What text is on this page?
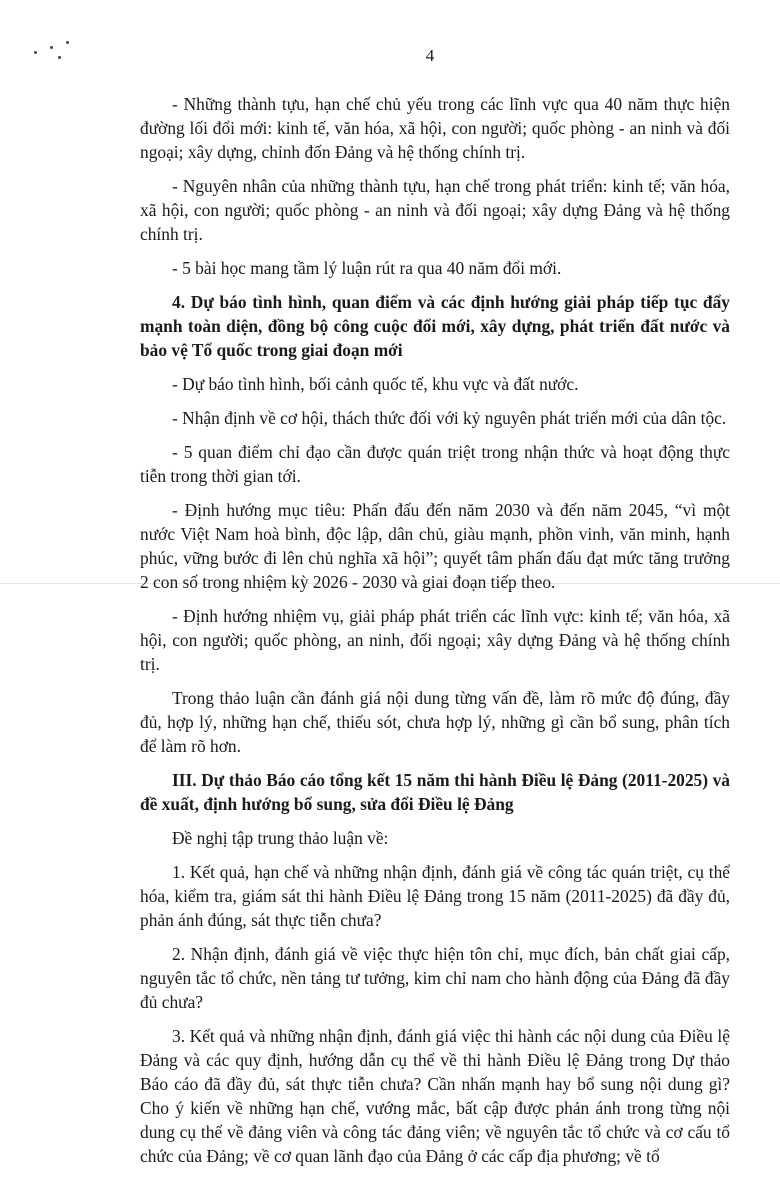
4

- Những thành tựu, hạn chế chủ yếu trong các lĩnh vực qua 40 năm thực hiện đường lối đổi mới: kinh tế, văn hóa, xã hội, con người; quốc phòng - an ninh và đối ngoại; xây dựng, chỉnh đốn Đảng và hệ thống chính trị.

- Nguyên nhân của những thành tựu, hạn chế trong phát triển: kinh tế; văn hóa, xã hội, con người; quốc phòng - an ninh và đối ngoại; xây dựng Đảng và hệ thống chính trị.

- 5 bài học mang tầm lý luận rút ra qua 40 năm đổi mới.

4. Dự báo tình hình, quan điểm và các định hướng giải pháp tiếp tục đẩy mạnh toàn diện, đồng bộ công cuộc đổi mới, xây dựng, phát triển đất nước và bảo vệ Tổ quốc trong giai đoạn mới

- Dự báo tình hình, bối cảnh quốc tế, khu vực và đất nước.

- Nhận định về cơ hội, thách thức đối với kỷ nguyên phát triển mới của dân tộc.

- 5 quan điểm chỉ đạo cần được quán triệt trong nhận thức và hoạt động thực tiễn trong thời gian tới.

- Định hướng mục tiêu: Phấn đấu đến năm 2030 và đến năm 2045, “vì một nước Việt Nam hoà bình, độc lập, dân chủ, giàu mạnh, phồn vinh, văn minh, hạnh phúc, vững bước đi lên chủ nghĩa xã hội”; quyết tâm phấn đấu đạt mức tăng trưởng 2 con số trong nhiệm kỳ 2026 - 2030 và giai đoạn tiếp theo.

- Định hướng nhiệm vụ, giải pháp phát triển các lĩnh vực: kinh tế; văn hóa, xã hội, con người; quốc phòng, an ninh, đối ngoại; xây dựng Đảng và hệ thống chính trị.

Trong thảo luận cần đánh giá nội dung từng vấn đề, làm rõ mức độ đúng, đầy đủ, hợp lý, những hạn chế, thiếu sót, chưa hợp lý, những gì cần bổ sung, phân tích để làm rõ hơn.

III. Dự thảo Báo cáo tổng kết 15 năm thi hành Điều lệ Đảng (2011-2025) và đề xuất, định hướng bổ sung, sửa đổi Điều lệ Đảng

Đề nghị tập trung thảo luận về:

1. Kết quả, hạn chế và những nhận định, đánh giá về công tác quán triệt, cụ thể hóa, kiểm tra, giám sát thi hành Điều lệ Đảng trong 15 năm (2011-2025) đã đầy đủ, phản ánh đúng, sát thực tiễn chưa?

2. Nhận định, đánh giá về việc thực hiện tôn chỉ, mục đích, bản chất giai cấp, nguyên tắc tổ chức, nền tảng tư tưởng, kim chỉ nam cho hành động của Đảng đã đầy đủ chưa?

3. Kết quả và những nhận định, đánh giá việc thi hành các nội dung của Điều lệ Đảng và các quy định, hướng dẫn cụ thể về thi hành Điều lệ Đảng trong Dự thảo Báo cáo đã đầy đủ, sát thực tiễn chưa? Cần nhấn mạnh hay bổ sung nội dung gì? Cho ý kiến về những hạn chế, vướng mắc, bất cập được phản ánh trong từng nội dung cụ thể về đảng viên và công tác đảng viên; về nguyên tắc tổ chức và cơ cấu tổ chức của Đảng; về cơ quan lãnh đạo của Đảng ở các cấp địa phương; về tổ
